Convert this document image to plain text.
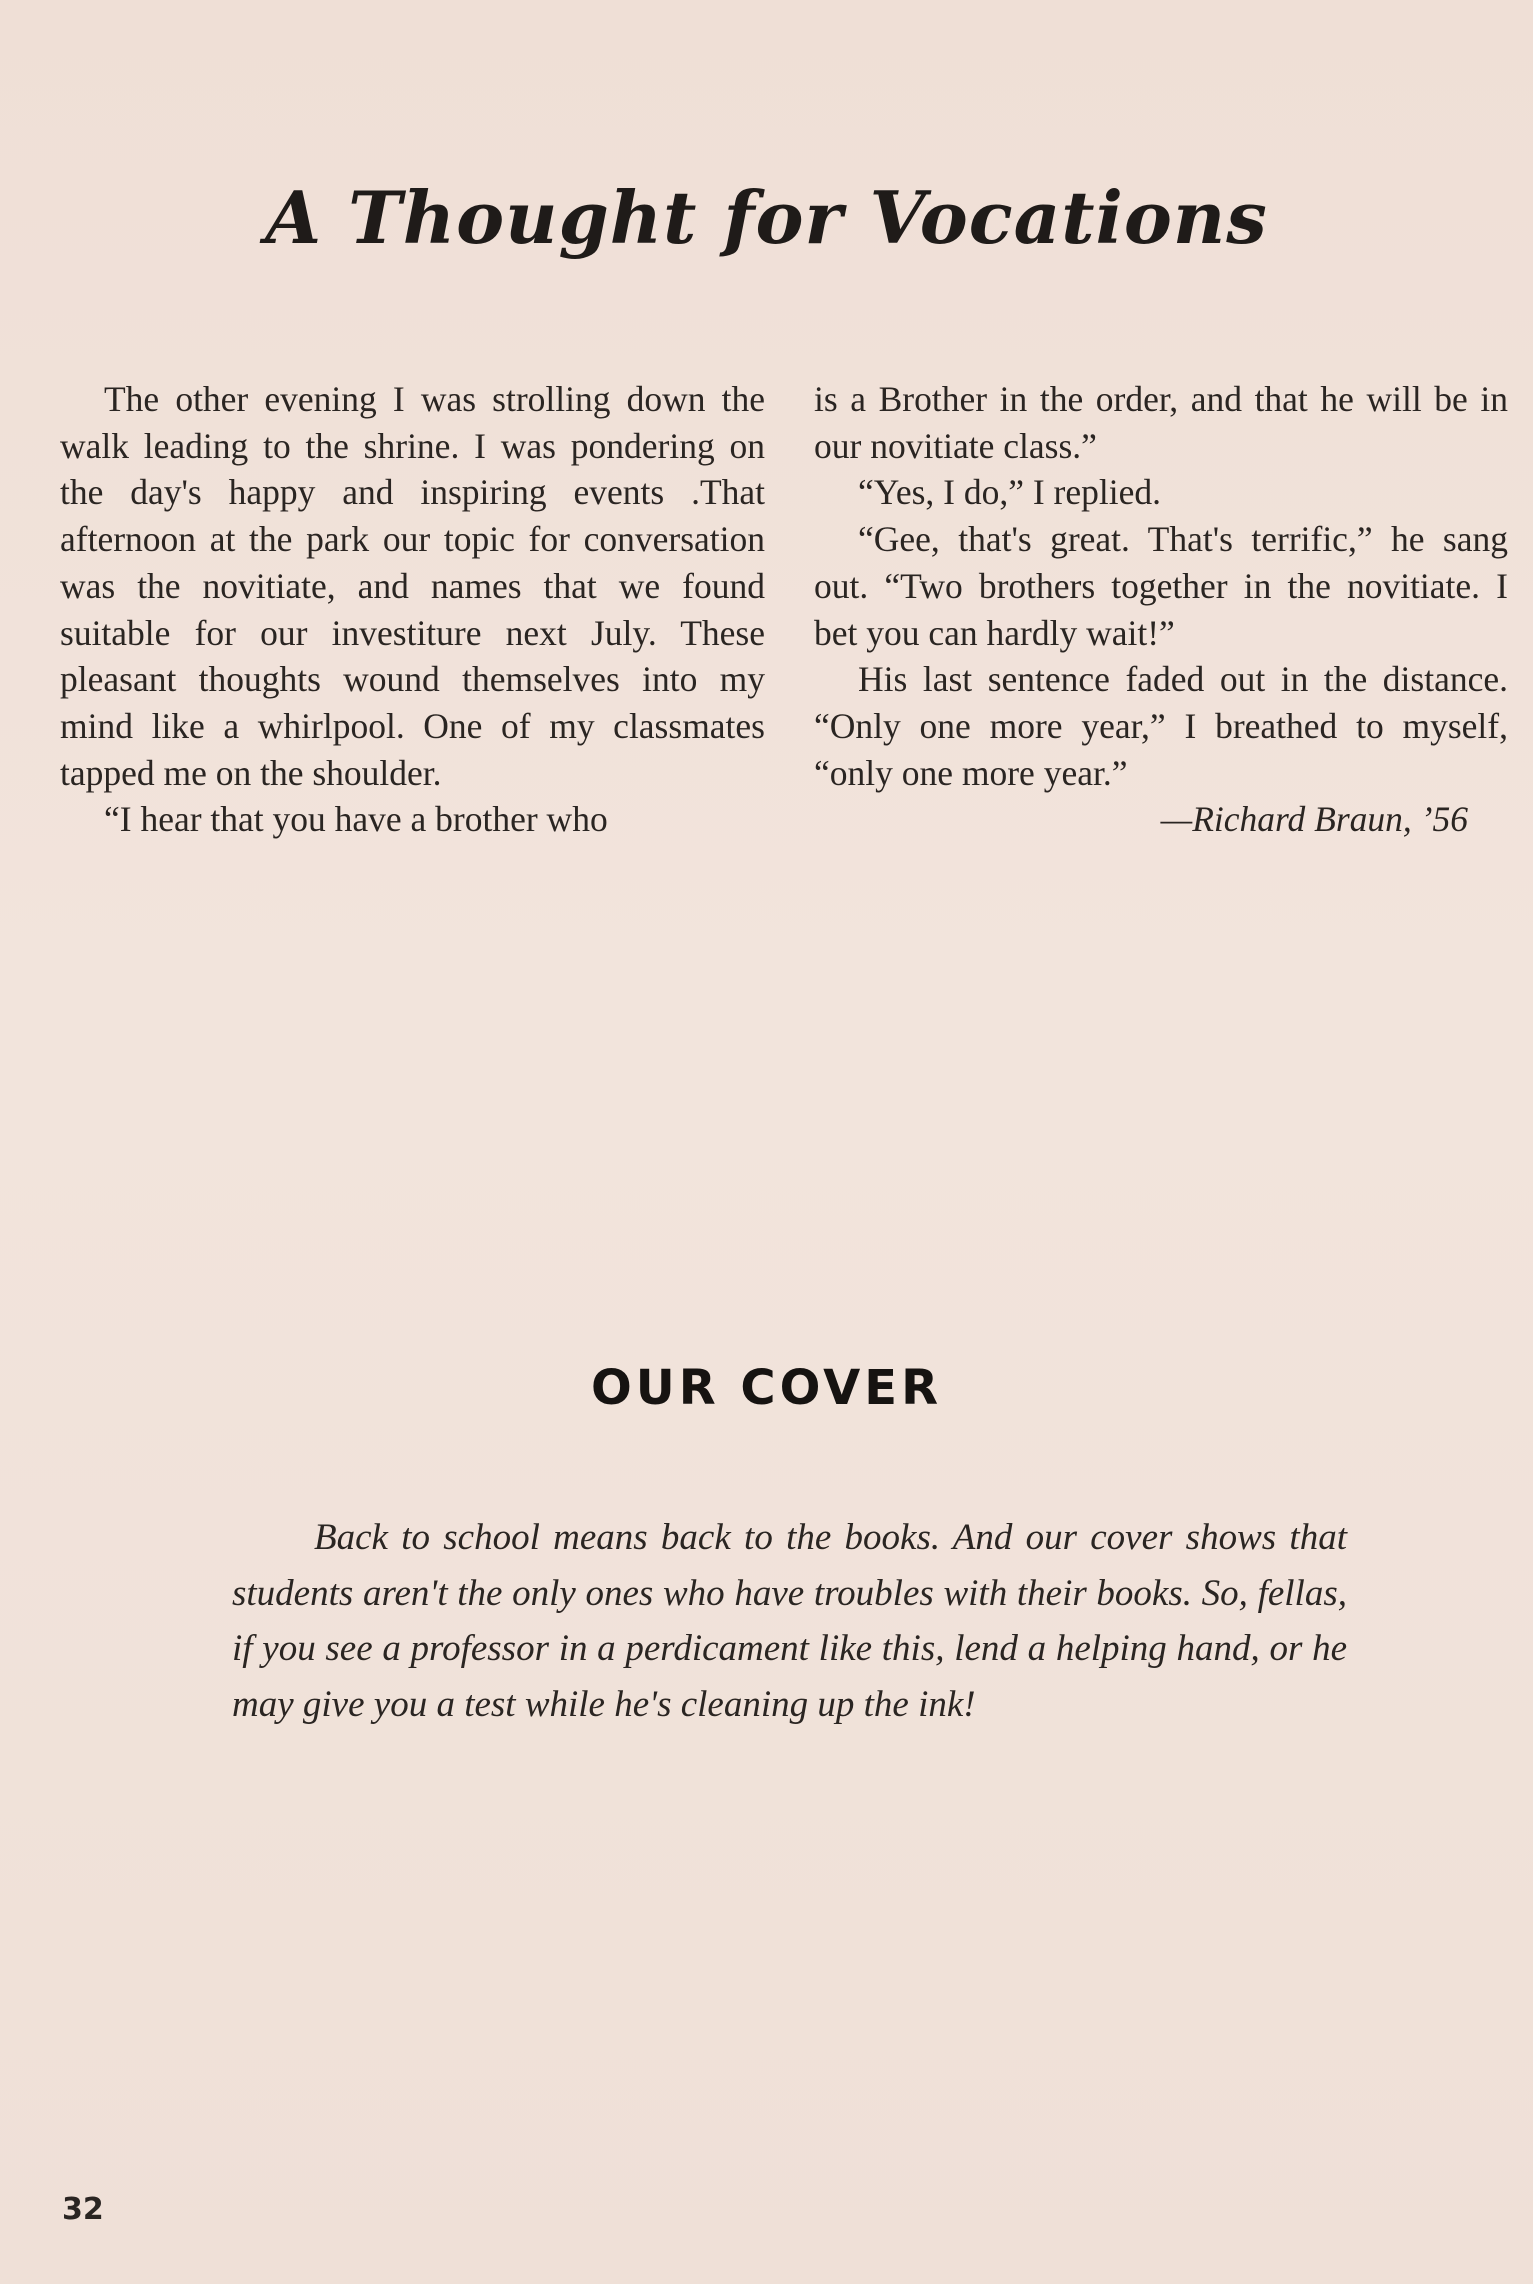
A Thought for Vocations

The other evening I was strolling down the walk leading to the shrine. I was pondering on the day's happy and inspiring events .That afternoon at the park our topic for conversation was the novitiate, and names that we found suitable for our investiture next July. These pleasant thoughts wound themselves into my mind like a whirlpool. One of my classmates tapped me on the shoulder.

“I hear that you have a brother who

is a Brother in the order, and that he will be in our novitiate class.”

“Yes, I do,” I replied.

“Gee, that's great. That's terrific,” he sang out. “Two brothers together in the novitiate. I bet you can hardly wait!”

His last sentence faded out in the distance. “Only one more year,” I breathed to myself, “only one more year.”

—Richard Braun, ’56

OUR COVER

Back to school means back to the books. And our cover shows that students aren't the only ones who have troubles with their books. So, fellas, if you see a professor in a perdicament like this, lend a helping hand, or he may give you a test while he's cleaning up the ink!

32
